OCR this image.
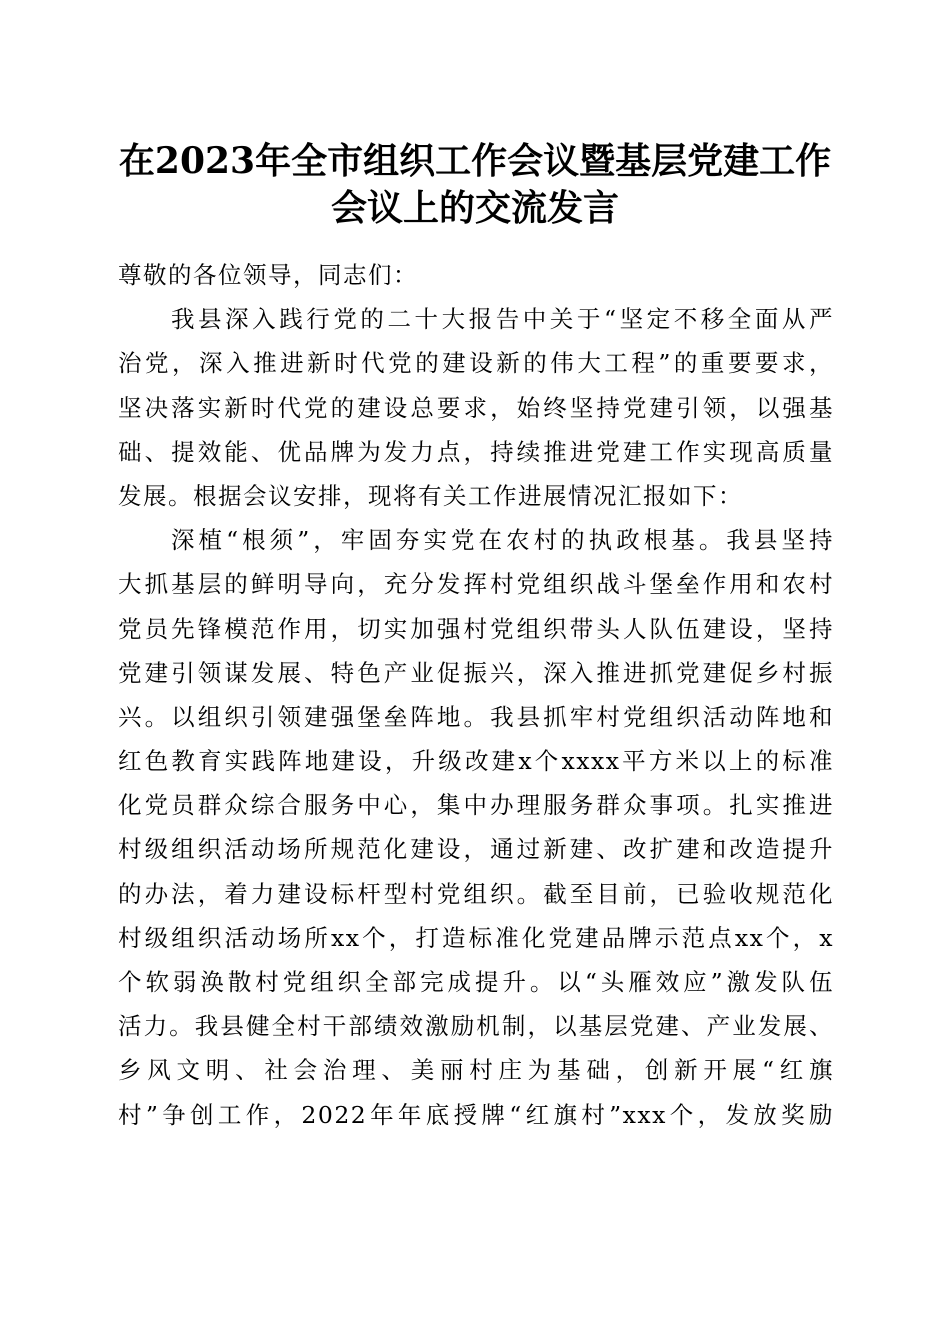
在2023年全市组织工作会议暨基层党建工作
会议上的交流发言
尊敬的各位领导，同志们：
我县深入践行党的二十大报告中关于“坚定不移全面从严
治党，深入推进新时代党的建设新的伟大工程”的重要要求，
坚决落实新时代党的建设总要求，始终坚持党建引领，以强基
础、提效能、优品牌为发力点，持续推进党建工作实现高质量
发展。根据会议安排，现将有关工作进展情况汇报如下：
深植“根须”，牢固夯实党在农村的执政根基。我县坚持
大抓基层的鲜明导向，充分发挥村党组织战斗堡垒作用和农村
党员先锋模范作用，切实加强村党组织带头人队伍建设，坚持
党建引领谋发展、特色产业促振兴，深入推进抓党建促乡村振
兴。以组织引领建强堡垒阵地。我县抓牢村党组织活动阵地和
红色教育实践阵地建设，升级改建x个xxxx平方米以上的标准
化党员群众综合服务中心，集中办理服务群众事项。扎实推进
村级组织活动场所规范化建设，通过新建、改扩建和改造提升
的办法，着力建设标杆型村党组织。截至目前，已验收规范化
村级组织活动场所xx个，打造标准化党建品牌示范点xx个，x
个软弱涣散村党组织全部完成提升。以“头雁效应”激发队伍
活力。我县健全村干部绩效激励机制，以基层党建、产业发展、
乡风文明、社会治理、美丽村庄为基础，创新开展“红旗
村”争创工作，2022年年底授牌“红旗村”xxx个，发放奖励
